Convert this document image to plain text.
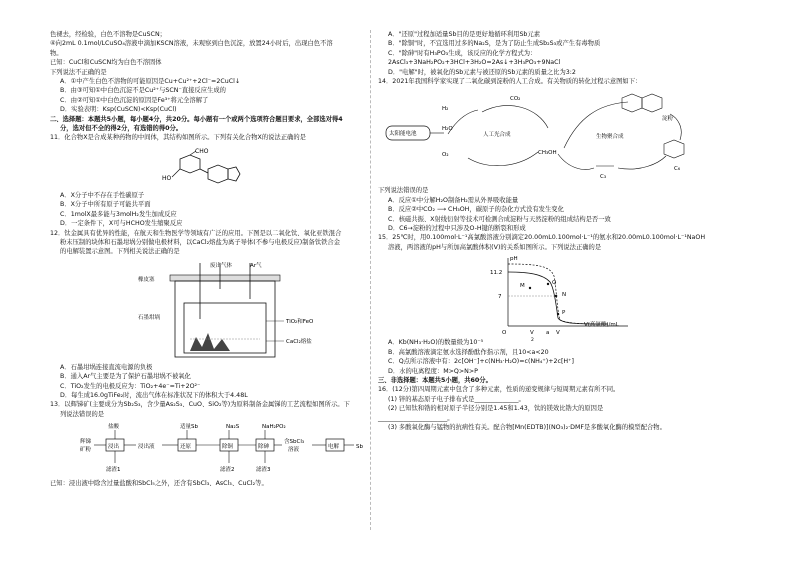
色褪去，经检验，白色不溶物是CuSCN；

④向2mL 0.1mol/LCuSO₄溶液中滴加KSCN溶液，未观察到白色沉淀，放置24小时后，出现白色不溶

物。

已知：CuCl和CuSCN均为白色不溶固体

下列说法不正确的是

A．①中产生白色不溶物的可能原因是Cu+Cu²⁺+2Cl⁻=2CuCl↓

B．由③可知①中白色沉淀不是Cu²⁺与SCN⁻直接反应生成的

C．由②可知①中白色沉淀的原因是Fe³⁺将元全溶解了

D．实验表明：Ksp(CuSCN)<Ksp(CuCl)

二、选择题：本题共5小题，每小题4分，共20分。每小题有一个或两个选项符合题目要求，全部选对得4

分，选对但不全的得2分，有选错的得0分。

11．化合物X是合成某种药物的中间体，其结构如图所示。下列有关化合物X的说法正确的是

CHO
HO

A．X分子中不存在手性碳原子

B．X分子中所有原子可能共平面

C．1molX最多能与3molH₂发生加成反应

D．一定条件下，X可与HCHO发生缩聚反应

12．钛金属具有优异的性能，在航天和生物医学等领域有广泛的应用。下图是以二氧化钛、氧化亚铁混合

粉末压制的块体和石墨坩埚分别做电极材料，以CaCl₂熔盐为离子导体(不参与电极反应)制备钛铁合金

的电解装置示意图。下列相关说法正确的是

废出气体	Ar气
橡皮塞
石墨坩埚
TiO₂和FeO
CaCl₂熔盐

A．石墨坩埚连接直流电源的负极

B．通入Ar气主要是为了保护石墨坩埚不被氧化

C．TiO₂发生的电极反应为：TiO₂+4e⁻=Ti+2O²⁻

D．每生成16.0gTiFe₂时，流出气体在标准状况下的体积大于4.48L

13．以辉锑矿(主要成分为Sb₂S₃，含少量As₂S₃、CuO、SiO₂等)为原料制备金属锑的工艺流程如图所示。下

列说法错误的是

盐酸	适量Sb	Na₂S	NaH₂PO₂
辉锑
矿粉	浸出	浸出液	还原	除铜	除砷
含SbCl₃
溶液	电解	Sb
滤渣1	滤渣2	滤渣3

已知：浸出液中除含过量盐酸和SbCl₅之外，还含有SbCl₃、AsCl₃、CuCl₂等。

A．"还原"过程加适量Sb目的是更好地循环利用Sb元素

B．"除铜"时，不宜选用过多的Na₂S，是为了防止生成Sb₂S₃或产生有毒物质

C．"除砷"时有H₃PO₃生成，该反应的化学方程式为：

2AsCl₃+3NaH₂PO₂+3HCl+3H₂O=2As↓+3H₃PO₃+9NaCl

D．"电解"时，被氧化的Sb元素与被还原的Sb元素的质量之比为3:2

14．2021年我国科学家实现了二氧化碳到淀粉的人工合成。有关物质的转化过程示意图如下：

太阳能电池
H₂O
H₂
O₂
CO₂
人工光合成
CH₃OH
淀粉
生物聚合成
C₃
C₆

下列说法错误的是

A．反应①中分解H₂O制备H₂需从外界吸收能量

B．反应②中CO₂ ⟶ CH₃OH，碳原子的杂化方式没有发生变化

C．核磁共振、X射线衍射等技术可检测合成淀粉与天然淀粉的组成结构是否一致

D．C6→淀粉的过程中只涉及O-H键的断裂和形成

15．25℃时，用0.100mol·L⁻¹高氯酸溶液分别滴定20.00mL0.100mol·L⁻¹的氨水和20.00mL0.100mol·L⁻¹NaOH

溶液，两溶液的pH与所加高氯酸体积(V)的关系如图所示。下列说法正确的是

pH
V(高氯酸)/mL
11.2
7
O	V
2
a V
M
N
P
Q

A．Kb(NH₃·H₂O)的数量级为10⁻⁵

B．高氯酸溶液滴定氨水选择酚酞作指示剂，且10<a<20

C．Q点所示溶液中有：2c[OH⁻]+c(NH₃·H₂O)=c(NH₄⁺)+2c[H⁺]

D．水的电离程度：M>Q>N>P

三、非选择题：本题共5小题，共60分。

16．(12分)第四周期元素中包含了多种元素，性质的递变规律与短周期元素有所不同。

(1) 锌的基态原子电子排布式是______________。

(2) 已知钛和锆的相对原子半径分别是1.45和1.43，钛的镁效比锆大的原因是

______________________。

(3) 多酸氧化酶与锰物的抗病性有关。配合物[Mn(EDTB)](NO₃)₂·DMF是多酸氧化酶的模型配合物。
